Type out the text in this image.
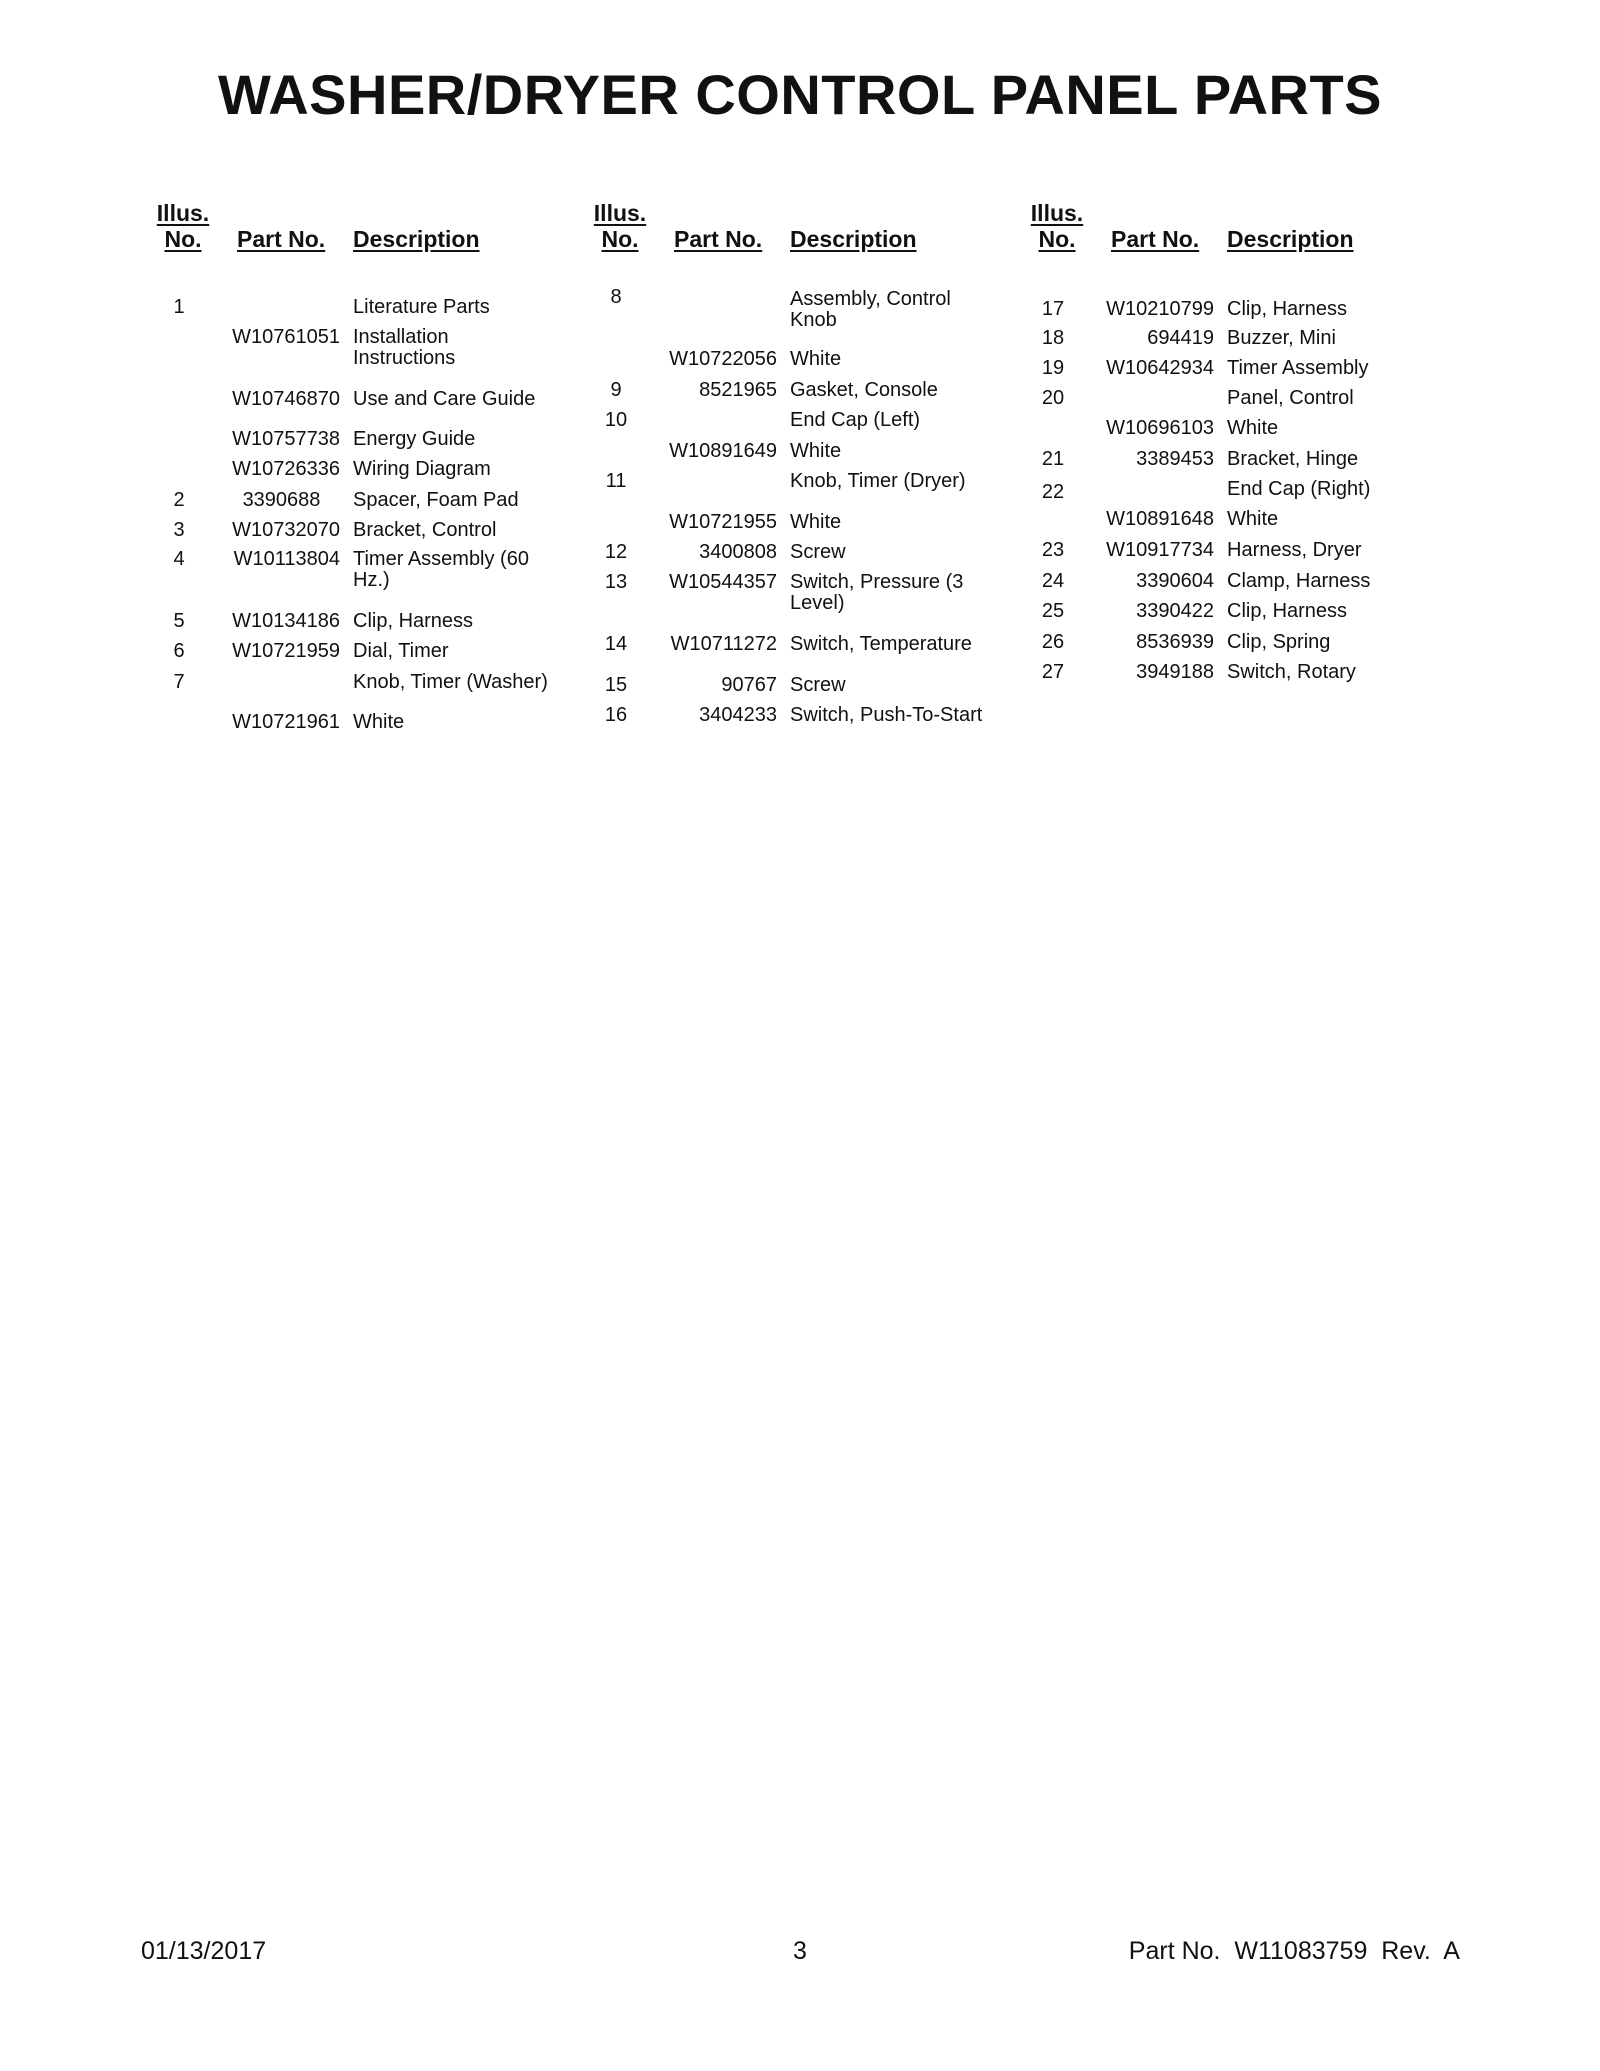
WASHER/DRYER CONTROL PANEL PARTS
Illus.
No.	Part No. Description
1	Literature Parts
W10761051 Installation Instructions
W10746870 Use and Care Guide
W10757738 Energy Guide
W10726336 Wiring Diagram
2	3390688	Spacer, Foam Pad
3	W10732070 Bracket, Control
4	W10113804 Timer Assembly (60 Hz.)
5	W10134186 Clip, Harness
6	W10721959 Dial, Timer
7	Knob, Timer (Washer)
W10721961 White
Illus.
No.	Part No. Description
8	Assembly, Control Knob
W10722056 White
9	8521965 Gasket, Console
10	End Cap (Left)
W10891649 White
11	Knob, Timer (Dryer)
W10721955 White
12	3400808 Screw
13	W10544357 Switch, Pressure (3 Level)
14	W10711272 Switch, Temperature
15	90767 Screw
16	3404233 Switch, Push-To-Start
Illus.
No.	Part No. Description
17	W10210799 Clip, Harness
18	694419 Buzzer, Mini
19	W10642934 Timer Assembly
20	Panel, Control
W10696103 White
21	3389453 Bracket, Hinge
22	End Cap (Right)
W10891648 White
23	W10917734 Harness, Dryer
24	3390604 Clamp, Harness
25	3390422 Clip, Harness
26	8536939 Clip, Spring
27	3949188 Switch, Rotary
01/13/2017	3	Part No.  W11083759  Rev.  A
